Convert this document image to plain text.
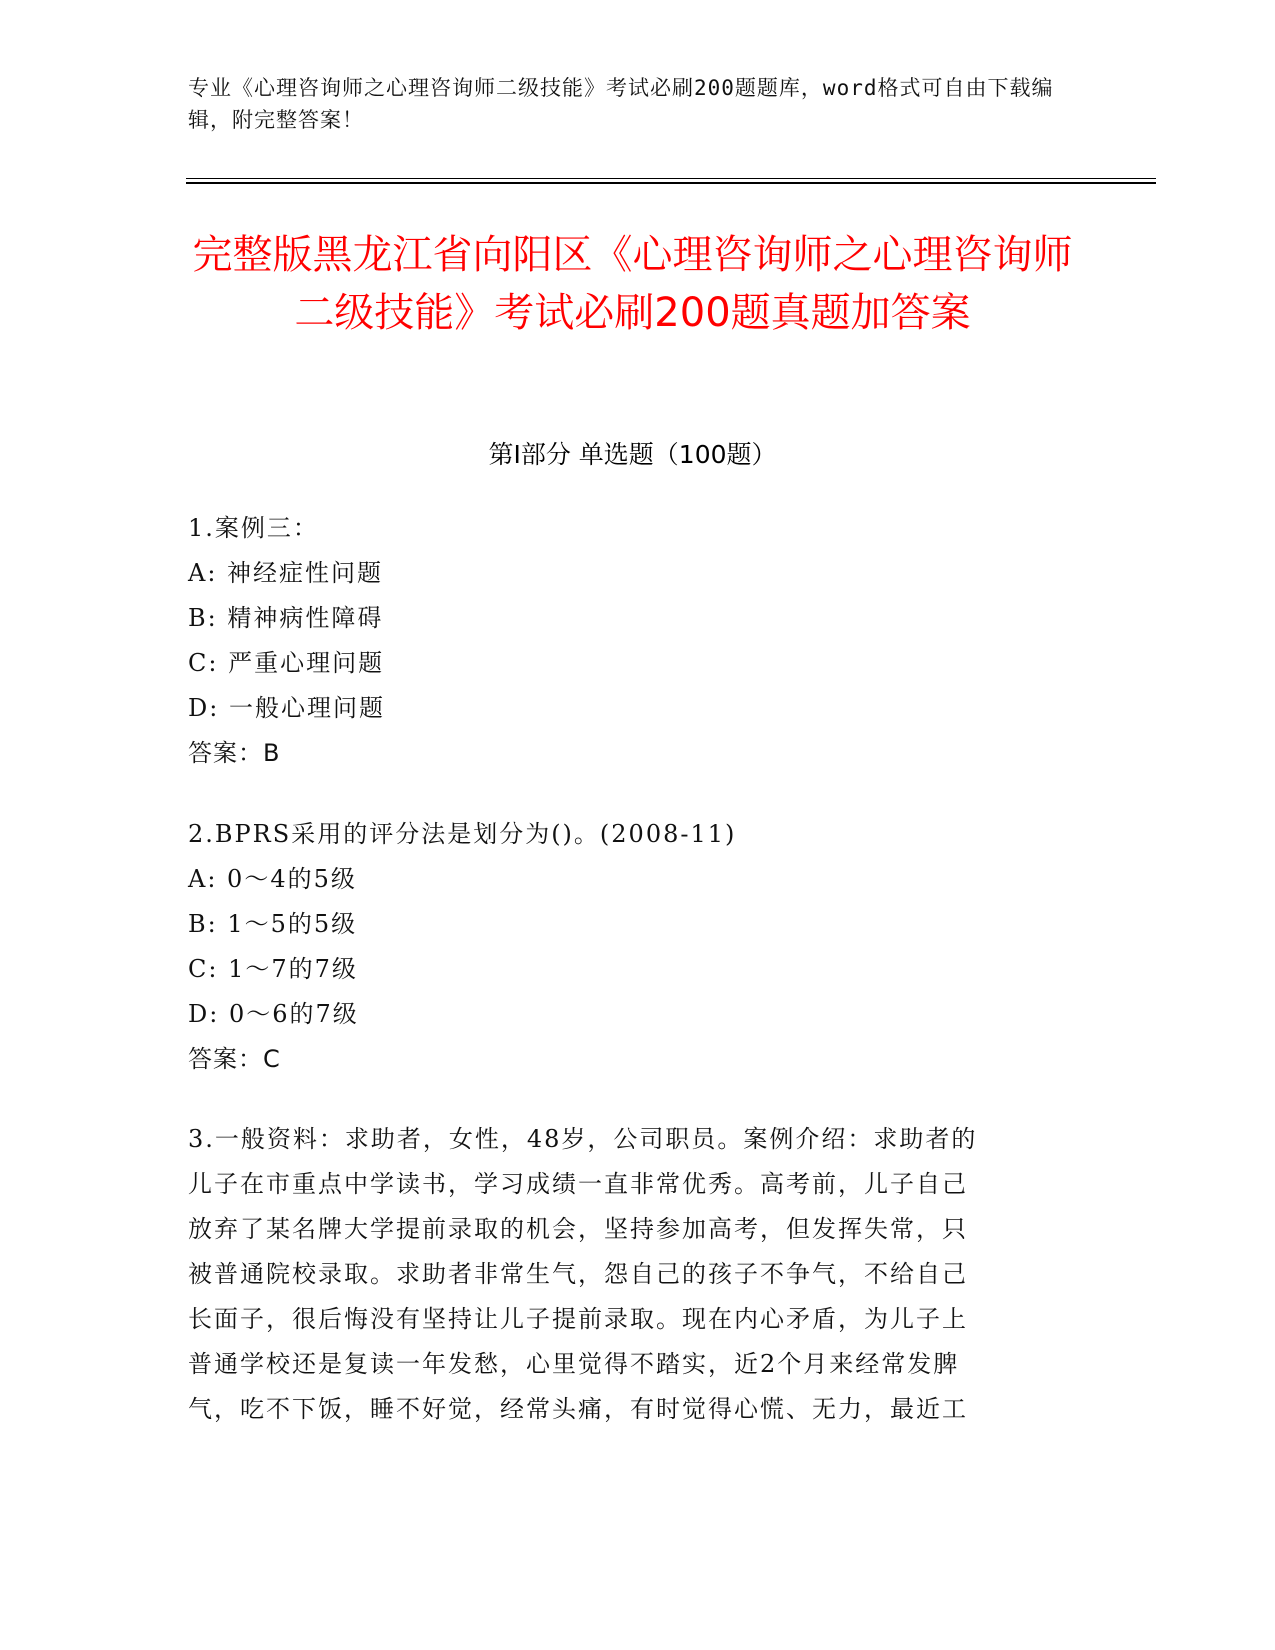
专业《心理咨询师之心理咨询师二级技能》考试必刷200题题库，word格式可自由下载编辑，附完整答案！
完整版黑龙江省向阳区《心理咨询师之心理咨询师二级技能》考试必刷200题真题加答案
第Ⅰ部分 单选题（100题）
1.案例三：
A: 神经症性问题
B: 精神病性障碍
C: 严重心理问题
D: 一般心理问题
答案：B
2.BPRS采用的评分法是划分为()。(2008-11)
A: 0～4的5级
B: 1～5的5级
C: 1～7的7级
D: 0～6的7级
答案：C
3.一般资料：求助者，女性，48岁，公司职员。案例介绍：求助者的
儿子在市重点中学读书，学习成绩一直非常优秀。高考前，儿子自己
放弃了某名牌大学提前录取的机会，坚持参加高考，但发挥失常，只
被普通院校录取。求助者非常生气，怨自己的孩子不争气，不给自己
长面子，很后悔没有坚持让儿子提前录取。现在内心矛盾，为儿子上
普通学校还是复读一年发愁，心里觉得不踏实，近2个月来经常发脾
气，吃不下饭，睡不好觉，经常头痛，有时觉得心慌、无力，最近工
